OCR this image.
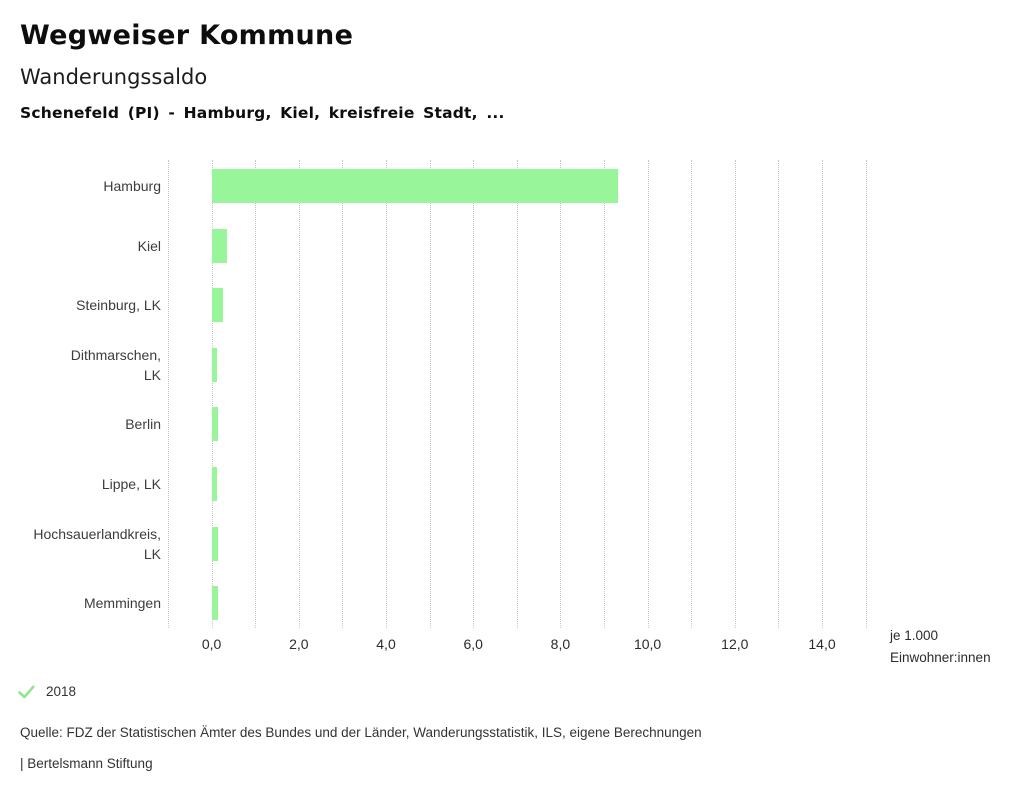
Wegweiser Kommune
Wanderungssaldo
Schenefeld (PI) - Hamburg, Kiel, kreisfreie Stadt, ...
Hamburg
Kiel
Steinburg, LK
Dithmarschen,
LK
Berlin
Lippe, LK
Hochsauerlandkreis,
LK
Memmingen
0,0	2,0	4,0	6,0	8,0	10,0	12,0	14,0
je 1.000
Einwohner:innen
2018
Quelle: FDZ der Statistischen Ämter des Bundes und der Länder, Wanderungsstatistik, ILS, eigene Berechnungen
| Bertelsmann Stiftung
